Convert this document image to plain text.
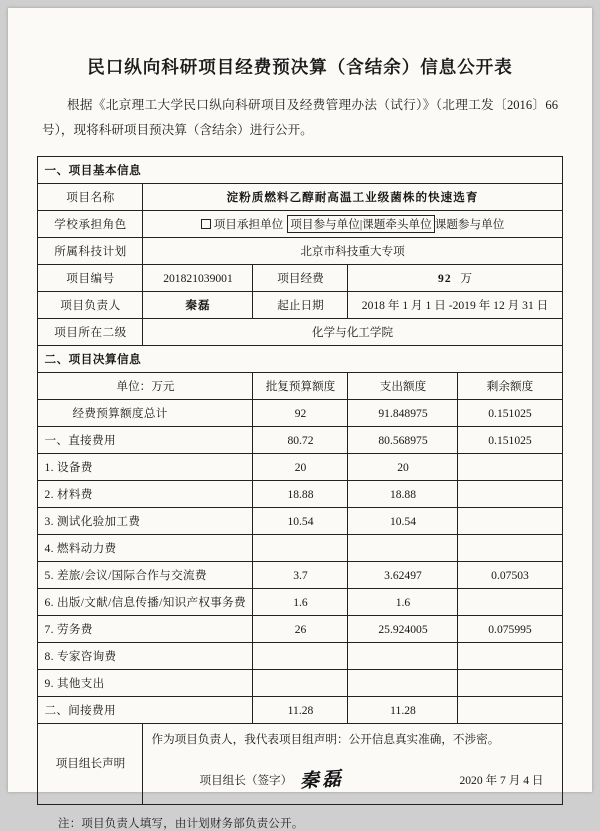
民口纵向科研项目经费预决算（含结余）信息公开表
根据《北京理工大学民口纵向科研项目及经费管理办法（试行）》（北理工发〔2016〕66 号），现将科研项目预决算（含结余）进行公开。
一、项目基本信息				
项目名称	淀粉质燃料乙醇耐高温工业级菌株的快速选育			
学校承担角色	项目承担单位 项目参与单位|课题牵头单位 课题参与单位			
所属科技计划	北京市科技重大专项			
项目编号	201821039001	项目经费	92 万	
项目负责人	秦磊	起止日期	2018 年 1 月 1 日 -2019 年 12 月 31 日	
项目所在二级	化学与化工学院			
二、项目决算信息				
单位：万元		批复预算额度	支出额度	剩余额度
经费预算额度总计		92	91.848975	0.151025
一、直接费用		80.72	80.568975	0.151025
1. 设备费		20	20	
2. 材料费		18.88	18.88	
3. 测试化验加工费		10.54	10.54	
4. 燃料动力费				
5. 差旅/会议/国际合作与交流费		3.7	3.62497	0.07503
6. 出版/文献/信息传播/知识产权事务费		1.6	1.6	
7. 劳务费		26	25.924005	0.075995
8. 专家咨询费				
9. 其他支出				
二、间接费用		11.28	11.28	
项目组长声明	作为项目负责人，我代表项目组声明：公开信息真实准确，不涉密。
项目组长（签字） 秦磊 2020 年 7 月 4 日			
注：项目负责人填写，由计划财务部负责公开。
